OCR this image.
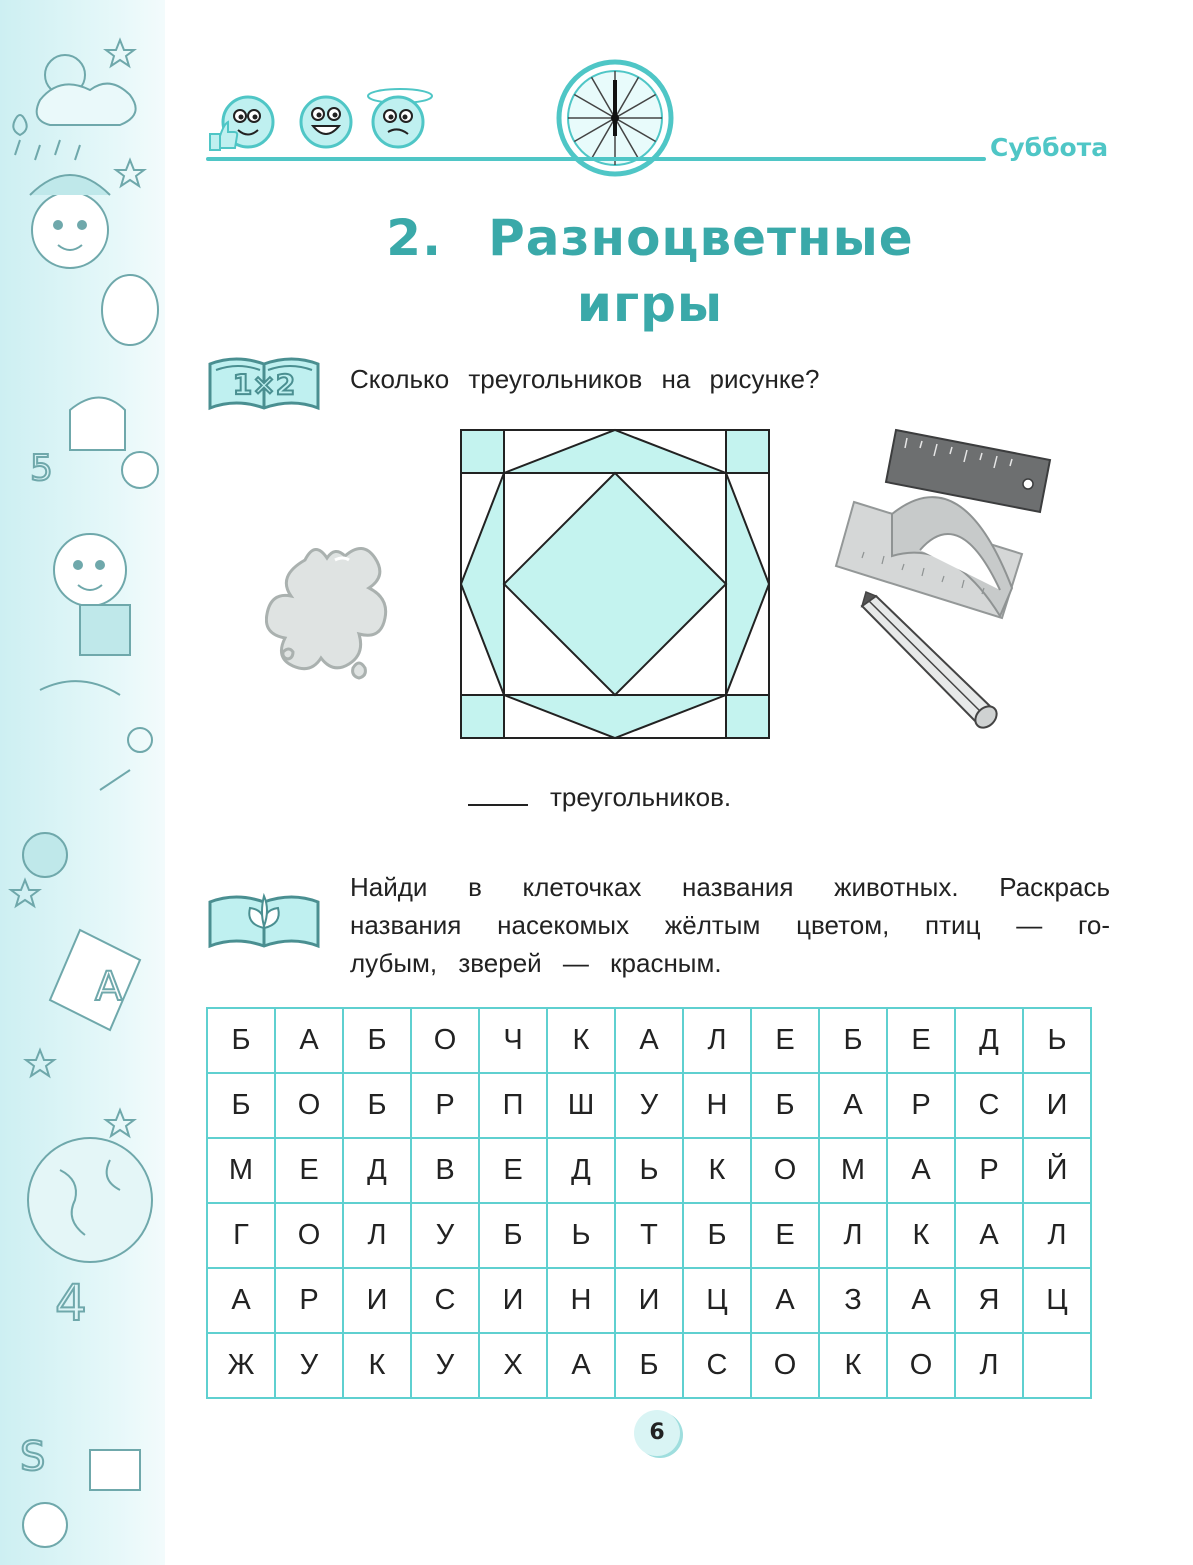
5
A
4
S
Суббота
2. Разноцветные
игры
1×2 Сколько треугольников на рисунке?
треугольников.
Найди в клеточках названия животных. Раскрась
названия насекомых жёлтым цветом, птиц — го-
лубым, зверей — красным.
Б	А	Б	О	Ч	К	А	Л	Е	Б	Е	Д	Ь
Б	О	Б	Р	П	Ш	У	Н	Б	А	Р	С	И
М	Е	Д	В	Е	Д	Ь	К	О	М	А	Р	Й
Г	О	Л	У	Б	Ь	Т	Б	Е	Л	К	А	Л
А	Р	И	С	И	Н	И	Ц	А	З	А	Я	Ц
Ж	У	К	У	Х	А	Б	С	О	К	О	Л	
6
